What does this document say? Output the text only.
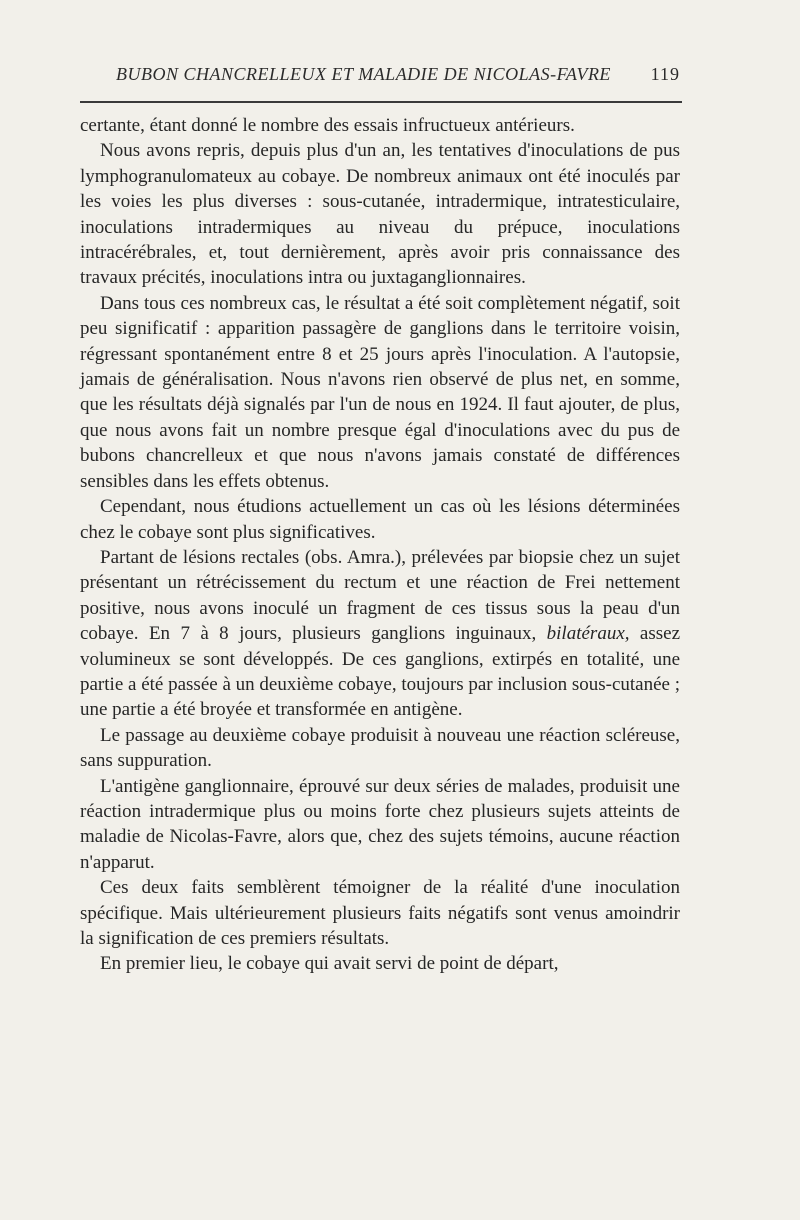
BUBON CHANCRELLEUX ET MALADIE DE NICOLAS-FAVRE 119

certante, étant donné le nombre des essais infructueux antérieurs.

Nous avons repris, depuis plus d'un an, les tentatives d'inoculations de pus lymphogranulomateux au cobaye. De nombreux animaux ont été inoculés par les voies les plus diverses : sous-cutanée, intradermique, intratesticulaire, inoculations intradermiques au niveau du prépuce, inoculations intracérébrales, et, tout dernièrement, après avoir pris connaissance des travaux précités, inoculations intra ou juxtaganglionnaires.

Dans tous ces nombreux cas, le résultat a été soit complètement négatif, soit peu significatif : apparition passagère de ganglions dans le territoire voisin, régressant spontanément entre 8 et 25 jours après l'inoculation. A l'autopsie, jamais de généralisation. Nous n'avons rien observé de plus net, en somme, que les résultats déjà signalés par l'un de nous en 1924. Il faut ajouter, de plus, que nous avons fait un nombre presque égal d'inoculations avec du pus de bubons chancrelleux et que nous n'avons jamais constaté de différences sensibles dans les effets obtenus.

Cependant, nous étudions actuellement un cas où les lésions déterminées chez le cobaye sont plus significatives.

Partant de lésions rectales (obs. Amra.), prélevées par biopsie chez un sujet présentant un rétrécissement du rectum et une réaction de Frei nettement positive, nous avons inoculé un fragment de ces tissus sous la peau d'un cobaye. En 7 à 8 jours, plusieurs ganglions inguinaux, bilatéraux, assez volumineux se sont développés. De ces ganglions, extirpés en totalité, une partie a été passée à un deuxième cobaye, toujours par inclusion sous-cutanée ; une partie a été broyée et transformée en antigène.

Le passage au deuxième cobaye produisit à nouveau une réaction scléreuse, sans suppuration.

L'antigène ganglionnaire, éprouvé sur deux séries de malades, produisit une réaction intradermique plus ou moins forte chez plusieurs sujets atteints de maladie de Nicolas-Favre, alors que, chez des sujets témoins, aucune réaction n'apparut.

Ces deux faits semblèrent témoigner de la réalité d'une inoculation spécifique. Mais ultérieurement plusieurs faits négatifs sont venus amoindrir la signification de ces premiers résultats.

En premier lieu, le cobaye qui avait servi de point de départ,
